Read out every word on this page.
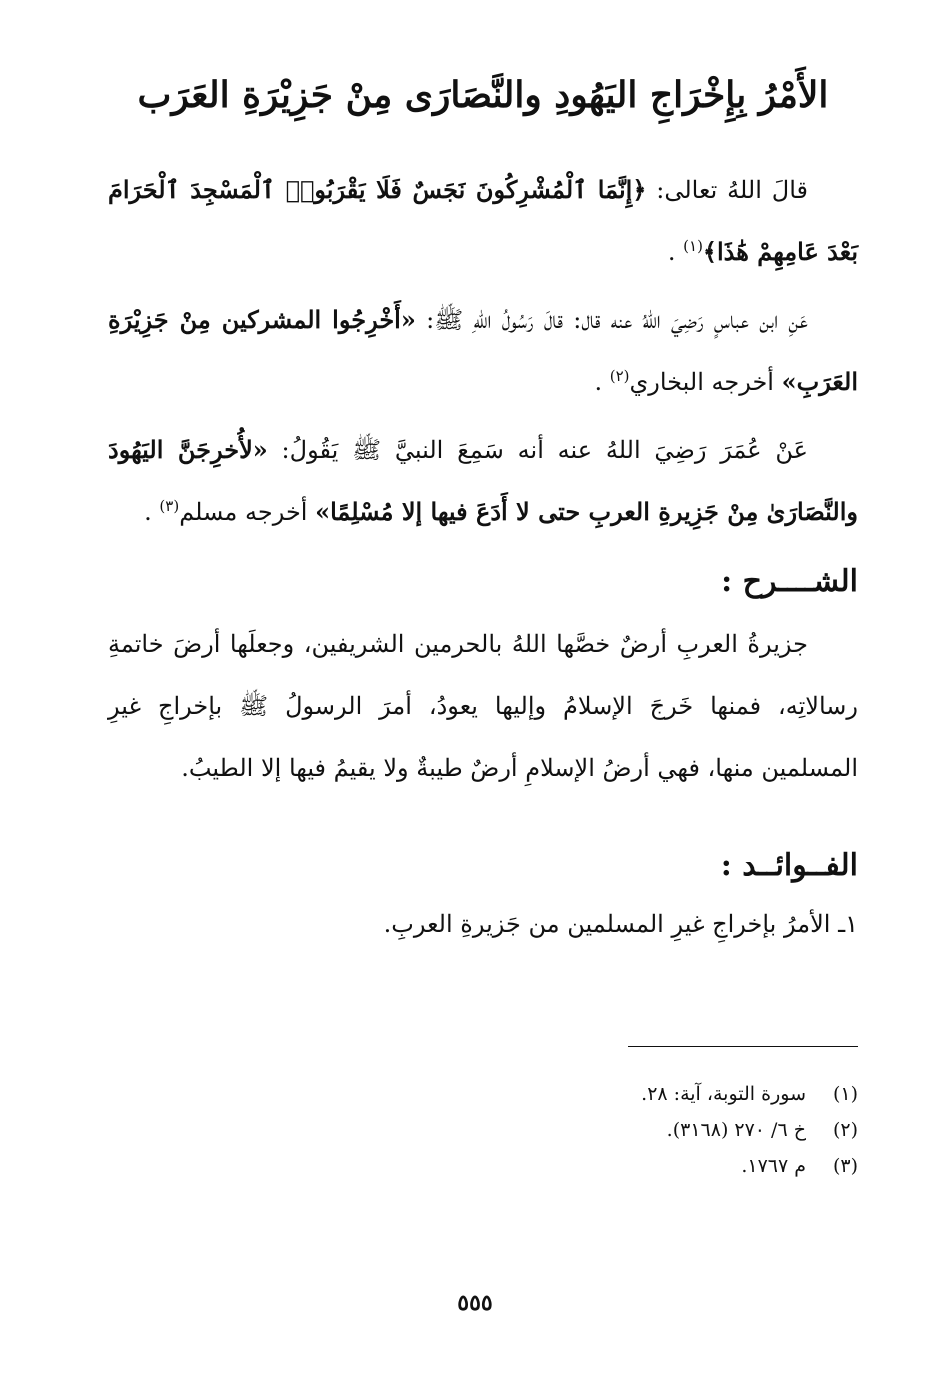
الأَمْرُ بِإِخْرَاجِ اليَهُودِ والنَّصَارَى مِنْ جَزِيْرَةِ العَرَب

قالَ اللهُ تعالى: ﴿إِنَّمَا ٱلْمُشْرِكُونَ نَجَسٌ فَلَا يَقْرَبُوا۟ ٱلْمَسْجِدَ ٱلْحَرَامَ بَعْدَ عَامِهِمْ هَٰذَا﴾$^{(١)}$ .

عَنِ ابن عباسٍ رَضِيَ اللهُ عنه قال: قالَ رَسُولُ اللهِ ﷺ: «أَخْرِجُوا المشركين مِنْ جَزِيْرَةِ العَرَبِ» أخرجه البخاري$^{(٢)}$ .

عَنْ عُمَرَ رَضِيَ اللهُ عنه أنه سَمِعَ النبيَّ ﷺ يَقُولُ: «لأُخرِجَنَّ اليَهُودَ والنَّصَارَىٰ مِنْ جَزِيرةِ العربِ حتى لا أَدَعَ فيها إلا مُسْلِمًا» أخرجه مسلم$^{(٣)}$ .

الشــــرح :

جزيرةُ العربِ أرضٌ خصَّها اللهُ بالحرمين الشريفين، وجعلَها أرضَ خاتمةِ رسالاتِه، فمنها خَرجَ الإسلامُ وإليها يعودُ، أمرَ الرسولُ ﷺ بإخراجِ غيرِ المسلمين منها، فهي أرضُ الإسلامِ أرضٌ طيبةٌ ولا يقيمُ فيها إلا الطيبُ.

الفــوائــد :

١ـ الأمرُ بإخراجِ غيرِ المسلمين من جَزيرةِ العربِ.

(١)
سورة التوبة، آية: ٢٨.
(٢)
خ ٦/ ٢٧٠ (٣١٦٨).
(٣)
م ١٧٦٧.
٥٥٥
